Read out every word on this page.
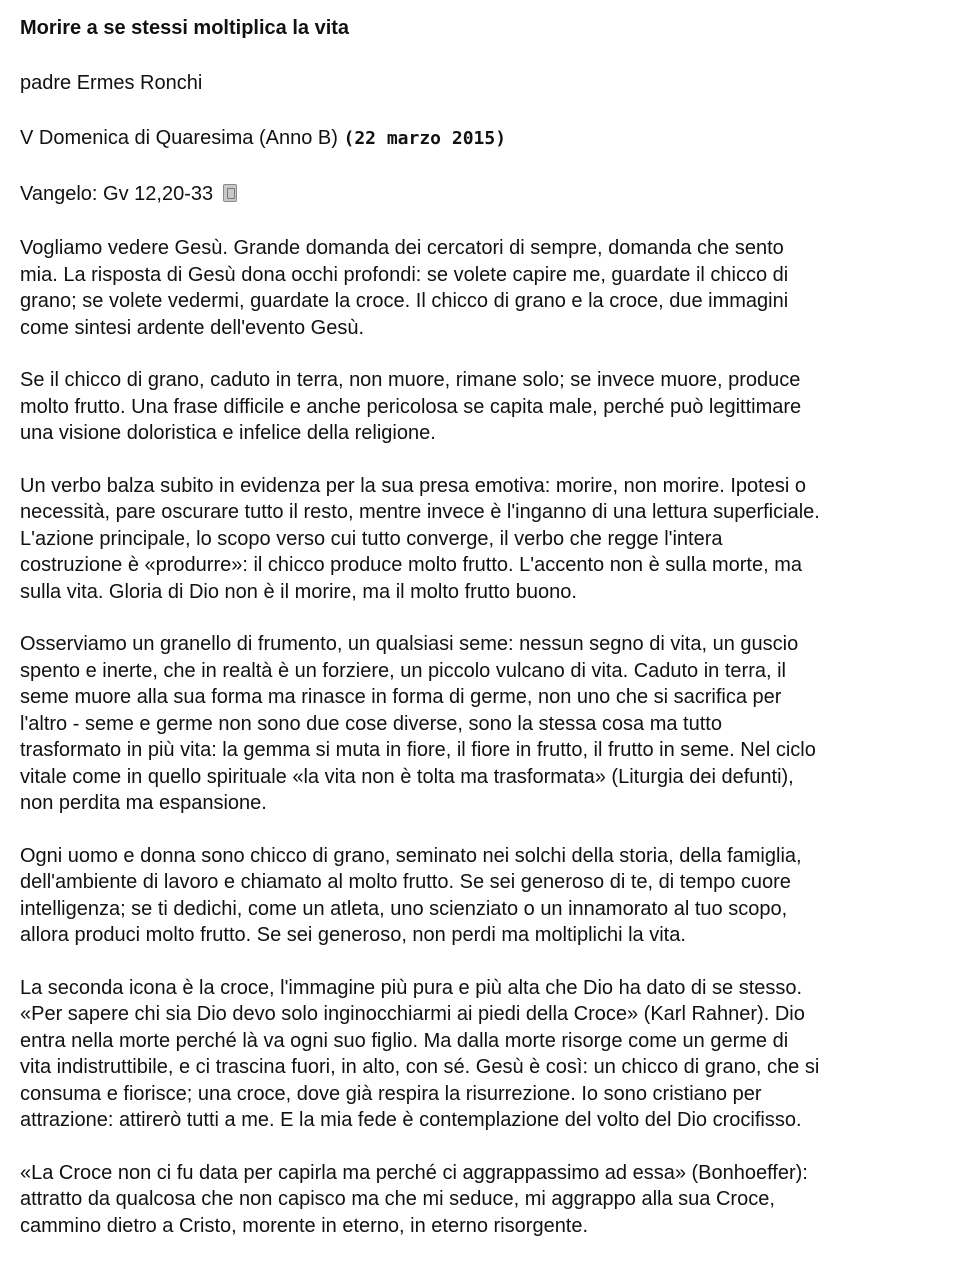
Morire a se stessi moltiplica la vita
padre Ermes Ronchi
V Domenica di Quaresima (Anno B) (22 marzo 2015)
Vangelo: Gv 12,20-33
Vogliamo vedere Gesù. Grande domanda dei cercatori di sempre, domanda che sento
mia. La risposta di Gesù dona occhi profondi: se volete capire me, guardate il chicco di
grano; se volete vedermi, guardate la croce. Il chicco di grano e la croce, due immagini
come sintesi ardente dell'evento Gesù.
Se il chicco di grano, caduto in terra, non muore, rimane solo; se invece muore, produce
molto frutto. Una frase difficile e anche pericolosa se capita male, perché può legittimare
una visione doloristica e infelice della religione.
Un verbo balza subito in evidenza per la sua presa emotiva: morire, non morire. Ipotesi o
necessità, pare oscurare tutto il resto, mentre invece è l'inganno di una lettura superficiale.
L'azione principale, lo scopo verso cui tutto converge, il verbo che regge l'intera
costruzione è «produrre»: il chicco produce molto frutto. L'accento non è sulla morte, ma
sulla vita. Gloria di Dio non è il morire, ma il molto frutto buono.
Osserviamo un granello di frumento, un qualsiasi seme: nessun segno di vita, un guscio
spento e inerte, che in realtà è un forziere, un piccolo vulcano di vita. Caduto in terra, il
seme muore alla sua forma ma rinasce in forma di germe, non uno che si sacrifica per
l'altro - seme e germe non sono due cose diverse, sono la stessa cosa ma tutto
trasformato in più vita: la gemma si muta in fiore, il fiore in frutto, il frutto in seme. Nel ciclo
vitale come in quello spirituale «la vita non è tolta ma trasformata» (Liturgia dei defunti),
non perdita ma espansione.
Ogni uomo e donna sono chicco di grano, seminato nei solchi della storia, della famiglia,
dell'ambiente di lavoro e chiamato al molto frutto. Se sei generoso di te, di tempo cuore
intelligenza; se ti dedichi, come un atleta, uno scienziato o un innamorato al tuo scopo,
allora produci molto frutto. Se sei generoso, non perdi ma moltiplichi la vita.
La seconda icona è la croce, l'immagine più pura e più alta che Dio ha dato di se stesso.
«Per sapere chi sia Dio devo solo inginocchiarmi ai piedi della Croce» (Karl Rahner). Dio
entra nella morte perché là va ogni suo figlio. Ma dalla morte risorge come un germe di
vita indistruttibile, e ci trascina fuori, in alto, con sé. Gesù è così: un chicco di grano, che si
consuma e fiorisce; una croce, dove già respira la risurrezione. Io sono cristiano per
attrazione: attirerò tutti a me. E la mia fede è contemplazione del volto del Dio crocifisso.
«La Croce non ci fu data per capirla ma perché ci aggrappassimo ad essa» (Bonhoeffer):
attratto da qualcosa che non capisco ma che mi seduce, mi aggrappo alla sua Croce,
cammino dietro a Cristo, morente in eterno, in eterno risorgente.
